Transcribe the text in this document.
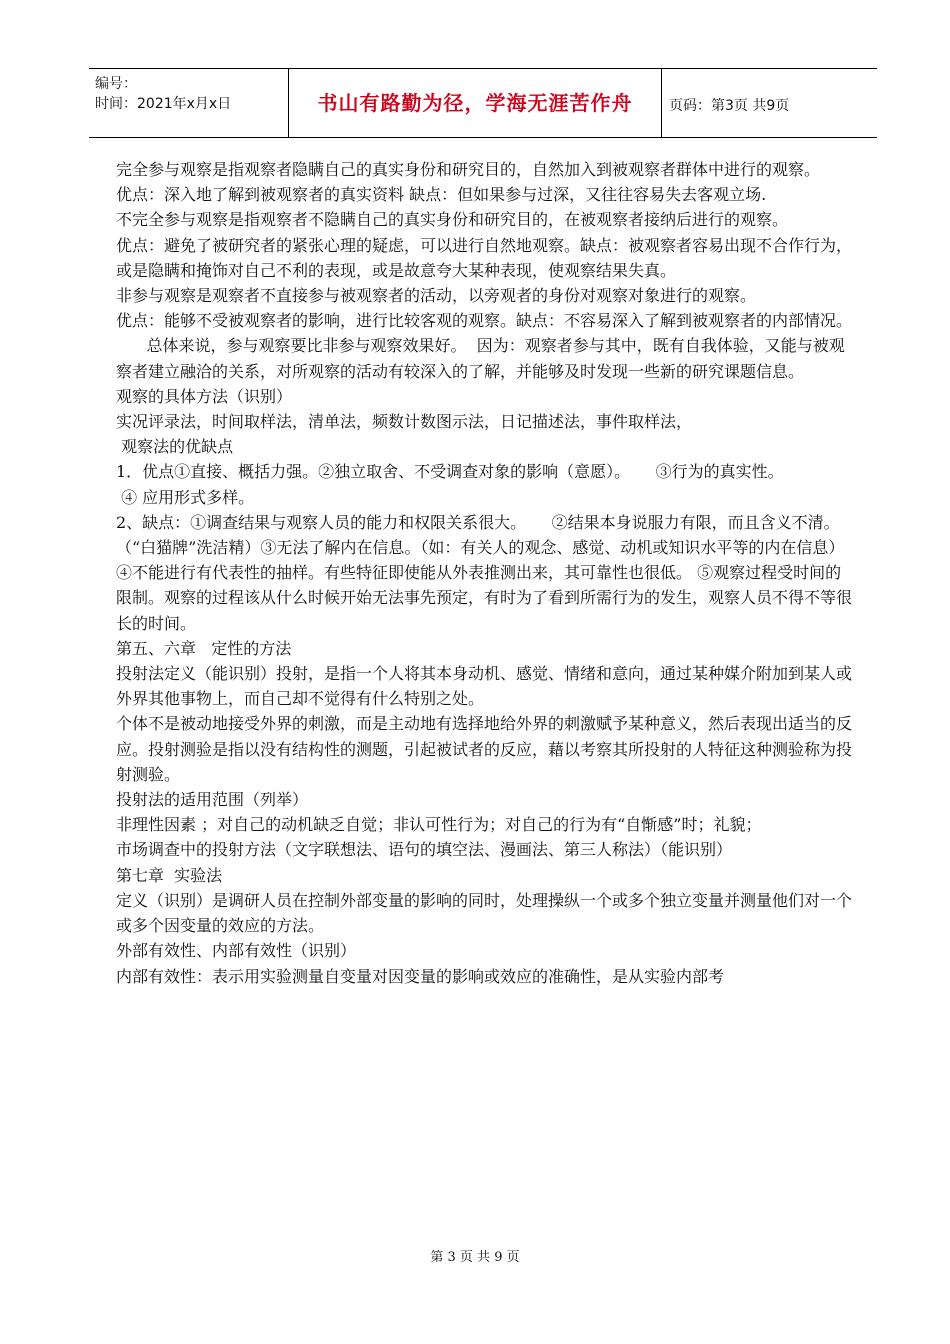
编号：
时间：2021年x月x日	书山有路勤为径，学海无涯苦作舟	页码：第3页 共9页

完全参与观察是指观察者隐瞒自己的真实身份和研究目的，自然加入到被观察者群体中进行的观察。

优点：深入地了解到被观察者的真实资料 缺点：但如果参与过深，又往往容易失去客观立场.

不完全参与观察是指观察者不隐瞒自己的真实身份和研究目的，在被观察者接纳后进行的观察。

优点：避免了被研究者的紧张心理的疑虑，可以进行自然地观察。缺点：被观察者容易出现不合作行为，或是隐瞒和掩饰对自己不利的表现，或是故意夸大某种表现，使观察结果失真。

非参与观察是观察者不直接参与被观察者的活动，以旁观者的身份对观察对象进行的观察。

优点：能够不受被观察者的影响，进行比较客观的观察。缺点：不容易深入了解到被观察者的内部情况。

总体来说，参与观察要比非参与观察效果好。  因为：观察者参与其中，既有自我体验，又能与被观察者建立融洽的关系，对所观察的活动有较深入的了解，并能够及时发现一些新的研究课题信息。

观察的具体方法（识别）

实况评录法，时间取样法，清单法，频数计数图示法，日记描述法，事件取样法，

观察法的优缺点

1．优点①直接、概括力强。②独立取舍、不受调查对象的影响（意愿）。     ③行为的真实性。

④ 应用形式多样。

2、缺点：①调查结果与观察人员的能力和权限关系很大。     ②结果本身说服力有限，而且含义不清。（“白猫牌”洗洁精）③无法了解内在信息。（如：有关人的观念、感觉、动机或知识水平等的内在信息） ④不能进行有代表性的抽样。有些特征即使能从外表推测出来，其可靠性也很低。 ⑤观察过程受时间的限制。观察的过程该从什么时候开始无法事先预定，有时为了看到所需行为的发生，观察人员不得不等很长的时间。

第五、六章   定性的方法

投射法定义（能识别）投射，是指一个人将其本身动机、感觉、情绪和意向，通过某种媒介附加到某人或外界其他事物上，而自己却不觉得有什么特别之处。

个体不是被动地接受外界的刺激，而是主动地有选择地给外界的刺激赋予某种意义，然后表现出适当的反应。投射测验是指以没有结构性的测题，引起被试者的反应，藉以考察其所投射的人特征这种测验称为投射测验。

投射法的适用范围（列举）

非理性因素 ；对自己的动机缺乏自觉；非认可性行为；对自己的行为有“自惭感”时；礼貌；

市场调查中的投射方法（文字联想法、语句的填空法、漫画法、第三人称法）（能识别）

第七章  实验法

定义（识别）是调研人员在控制外部变量的影响的同时，处理操纵一个或多个独立变量并测量他们对一个或多个因变量的效应的方法。

外部有效性、内部有效性（识别）

内部有效性：表示用实验测量自变量对因变量的影响或效应的准确性，是从实验内部考

第 3 页 共 9 页
